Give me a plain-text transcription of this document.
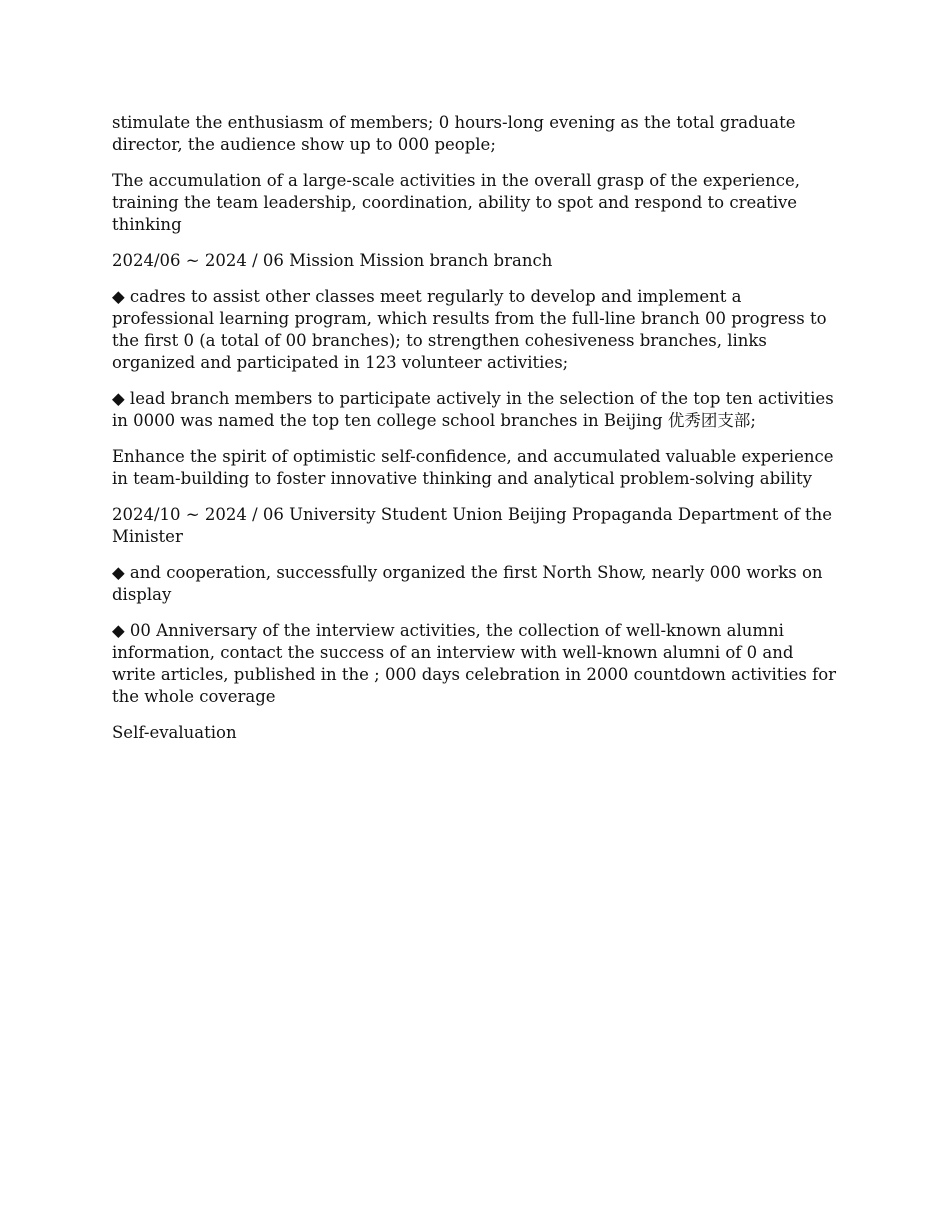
stimulate the enthusiasm of members; 0 hours-long evening as the total graduate director, the audience show up to 000 people;

The accumulation of a large-scale activities in the overall grasp of the experience, training the team leadership, coordination, ability to spot and respond to creative thinking

2024/06 ~ 2024 / 06 Mission Mission branch branch

◆ cadres to assist other classes meet regularly to develop and implement a professional learning program, which results from the full-line branch 00 progress to the first 0 (a total of 00 branches); to strengthen cohesiveness branches, links organized and participated in 123 volunteer activities;

◆ lead branch members to participate actively in the selection of the top ten activities in 0000 was named the top ten college school branches in Beijing 优秀团支部;

Enhance the spirit of optimistic self-confidence, and accumulated valuable experience in team-building to foster innovative thinking and analytical problem-solving ability

2024/10 ~ 2024 / 06 University Student Union Beijing Propaganda Department of the Minister

◆ and cooperation, successfully organized the first North Show, nearly 000 works on display

◆ 00 Anniversary of the interview activities, the collection of well-known alumni information, contact the success of an interview with well-known alumni of 0 and write articles, published in the ; 000 days celebration in 2000 countdown activities for the whole coverage

Self-evaluation
